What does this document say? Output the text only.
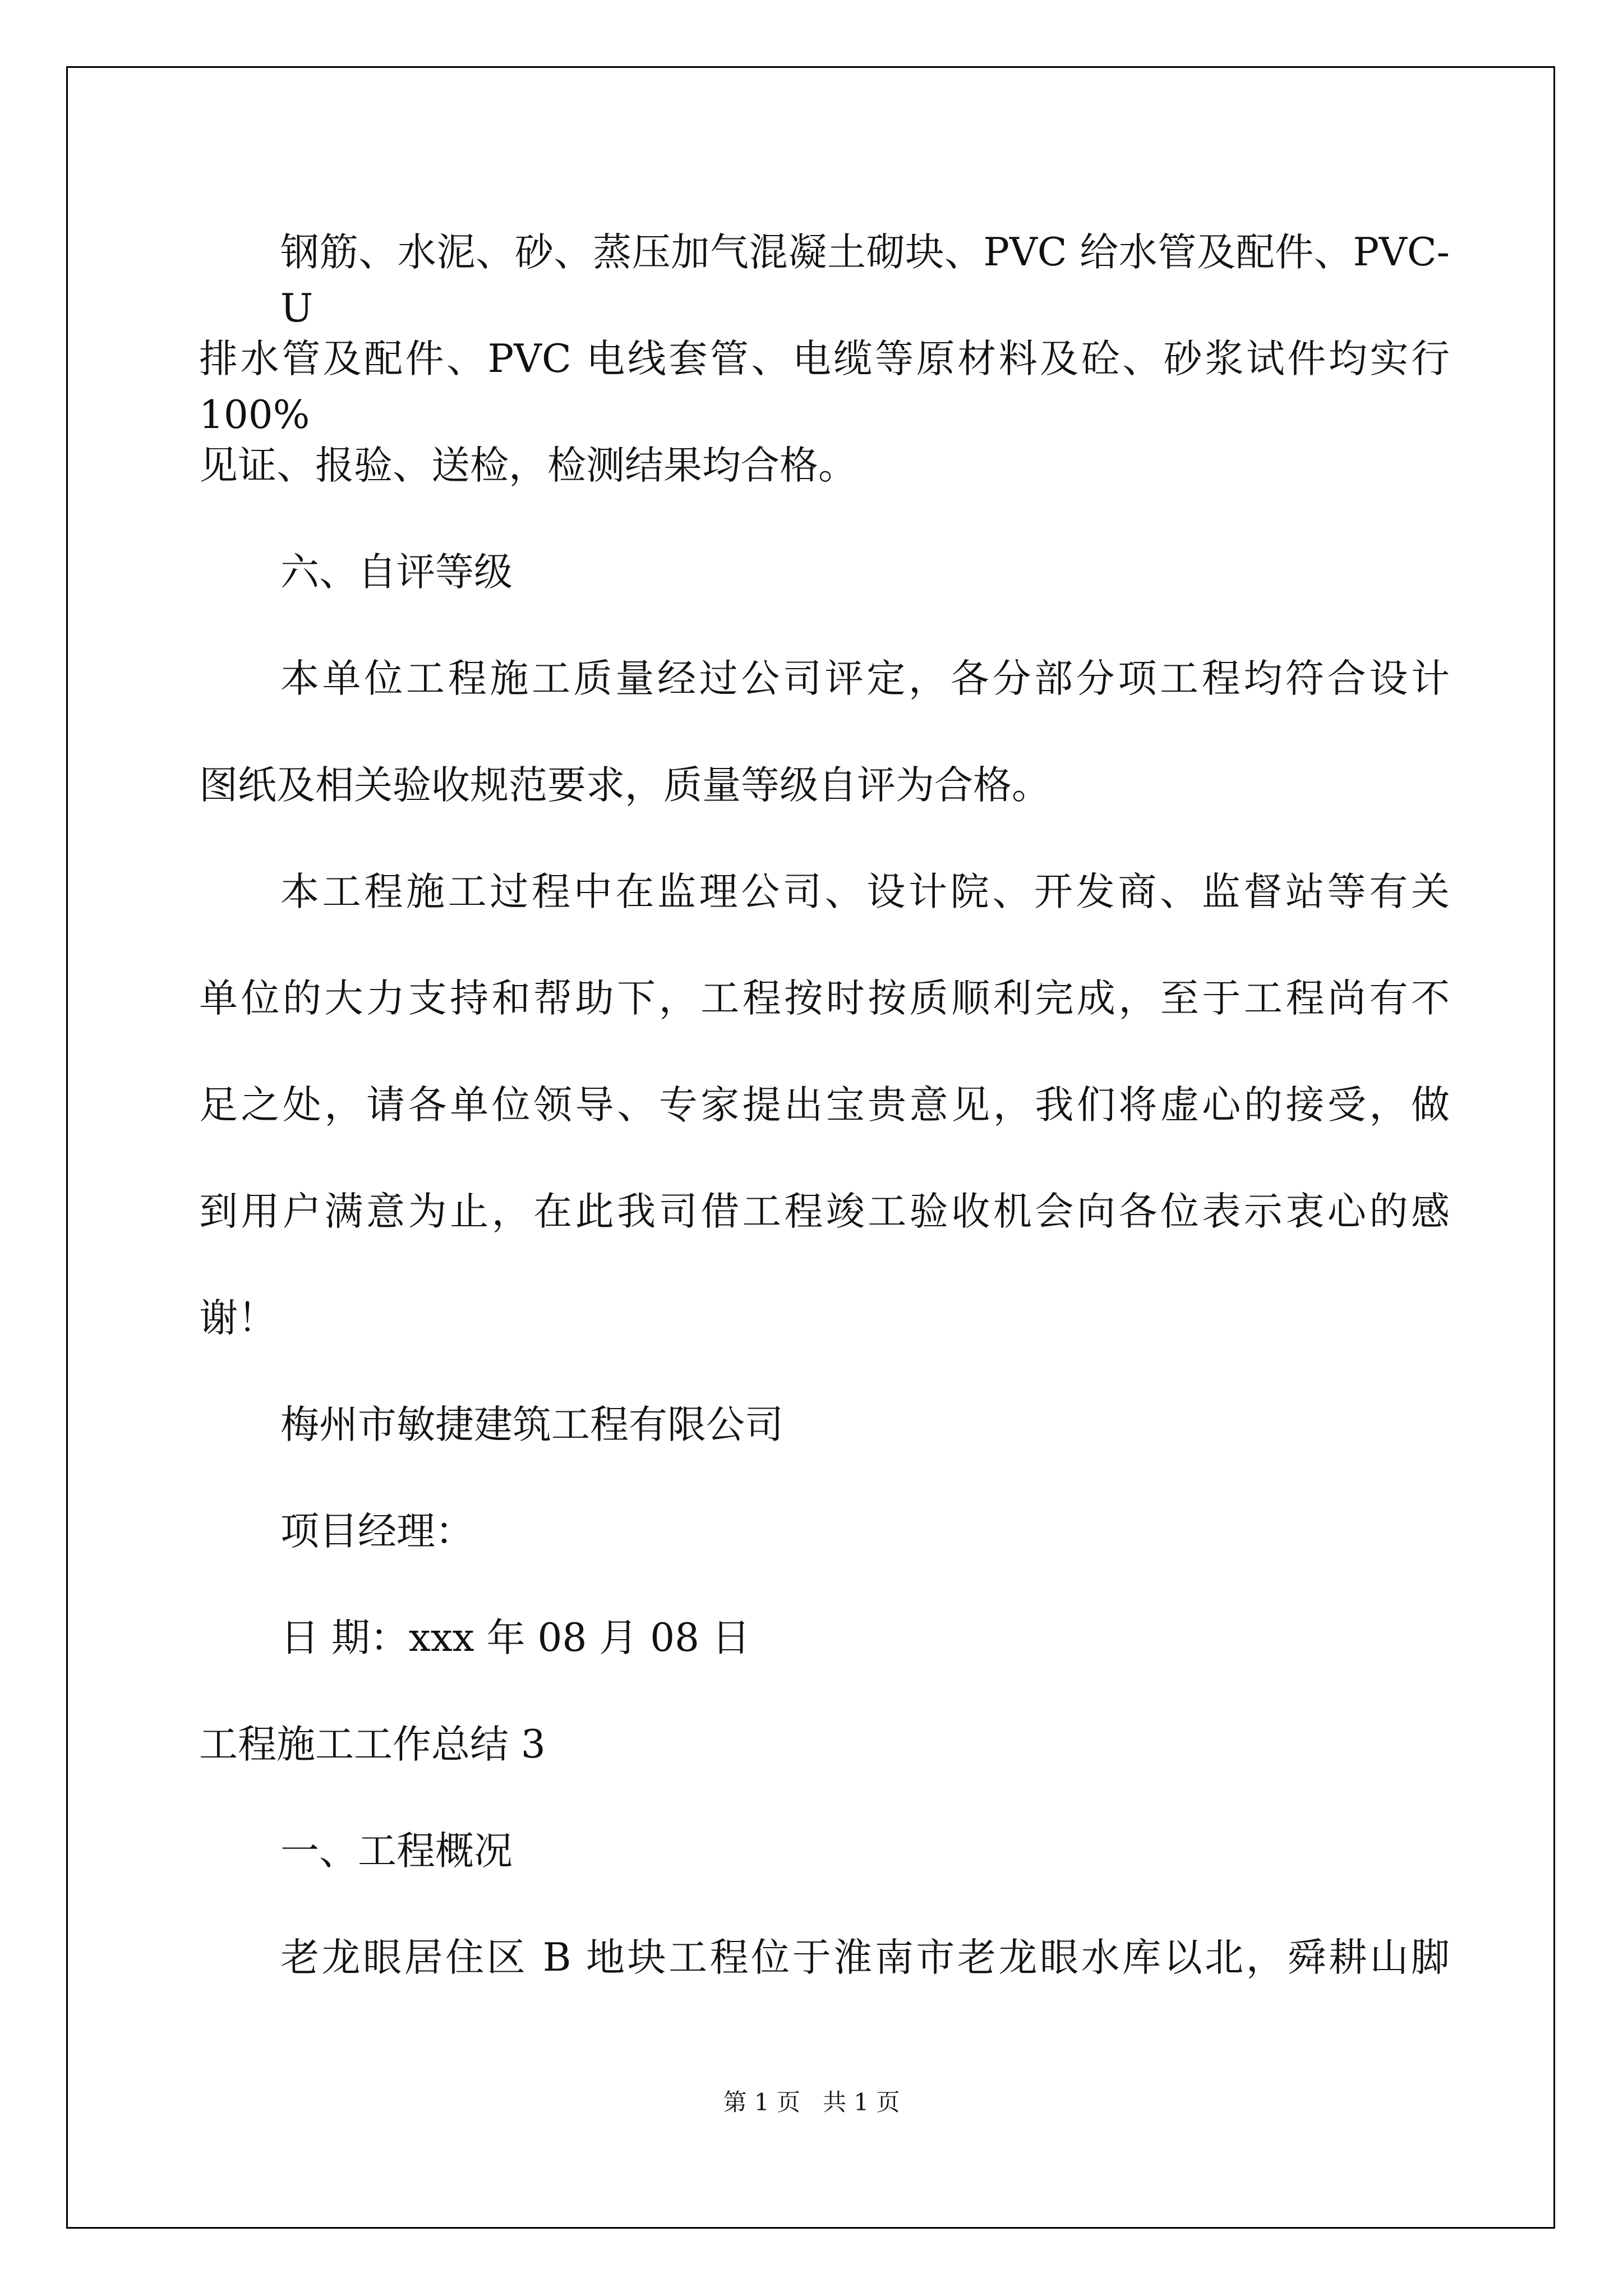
钢筋、水泥、砂、蒸压加气混凝土砌块、PVC 给水管及配件、PVC-U
排水管及配件、PVC 电线套管、电缆等原材料及砼、砂浆试件均实行 100%
见证、报验、送检，检测结果均合格。
六、自评等级
本单位工程施工质量经过公司评定，各分部分项工程均符合设计
图纸及相关验收规范要求，质量等级自评为合格。
本工程施工过程中在监理公司、设计院、开发商、监督站等有关
单位的大力支持和帮助下，工程按时按质顺利完成，至于工程尚有不
足之处，请各单位领导、专家提出宝贵意见，我们将虚心的接受，做
到用户满意为止，在此我司借工程竣工验收机会向各位表示衷心的感
谢！
梅州市敏捷建筑工程有限公司
项目经理：
日 期：xxx 年 08 月 08 日
工程施工工作总结 3
一、工程概况
老龙眼居住区 B 地块工程位于淮南市老龙眼水库以北，舜耕山脚
第 1 页   共 1 页
